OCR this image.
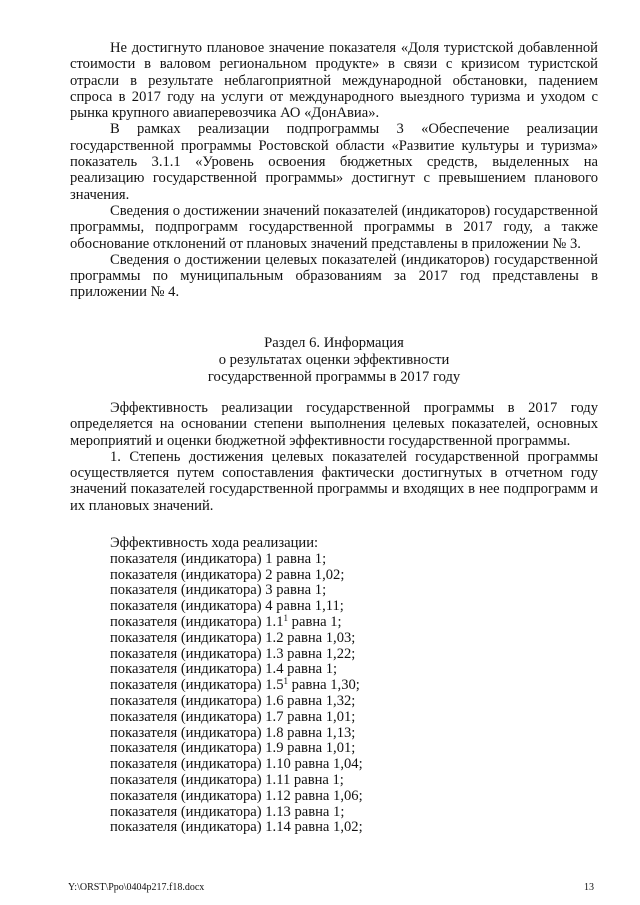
Не достигнуто плановое значение показателя «Доля туристской добавленной стоимости в валовом региональном продукте» в связи с кризисом туристской отрасли в результате неблагоприятной международной обстановки, падением спроса в 2017 году на услуги от международного выездного туризма и уходом с рынка крупного авиаперевозчика АО «ДонАвиа».

В рамках реализации подпрограммы 3 «Обеспечение реализации государственной программы Ростовской области «Развитие культуры и туризма» показатель 3.1.1 «Уровень освоения бюджетных средств, выделенных на реализацию государственной программы» достигнут с превышением планового значения.

Сведения о достижении значений показателей (индикаторов) государственной программы, подпрограмм государственной программы в 2017 году, а также обоснование отклонений от плановых значений представлены в приложении № 3.

Сведения о достижении целевых показателей (индикаторов) государственной программы по муниципальным образованиям за 2017 год представлены в приложении № 4.

Раздел 6. Информация
о результатах оценки эффективности
государственной программы в 2017 году

Эффективность реализации государственной программы в 2017 году определяется на основании степени выполнения целевых показателей, основных мероприятий и оценки бюджетной эффективности государственной программы.

1. Степень достижения целевых показателей государственной программы осуществляется путем сопоставления фактически достигнутых в отчетном году значений показателей государственной программы и входящих в нее подпрограмм и их плановых значений.

Эффективность хода реализации:
показателя (индикатора) 1 равна 1;
показателя (индикатора) 2 равна 1,02;
показателя (индикатора) 3 равна 1;
показателя (индикатора) 4 равна 1,11;
показателя (индикатора) $1.1^1$ равна 1;
показателя (индикатора) 1.2 равна 1,03;
показателя (индикатора) 1.3 равна 1,22;
показателя (индикатора) 1.4 равна 1;
показателя (индикатора) $1.5^1$ равна 1,30;
показателя (индикатора) 1.6 равна 1,32;
показателя (индикатора) 1.7 равна 1,01;
показателя (индикатора) 1.8 равна 1,13;
показателя (индикатора) 1.9 равна 1,01;
показателя (индикатора) 1.10 равна 1,04;
показателя (индикатора) 1.11 равна 1;
показателя (индикатора) 1.12 равна 1,06;
показателя (индикатора) 1.13 равна 1;
показателя (индикатора) 1.14 равна 1,02;
Y:\ORST\Ppo\0404p217.f18.docx	13
